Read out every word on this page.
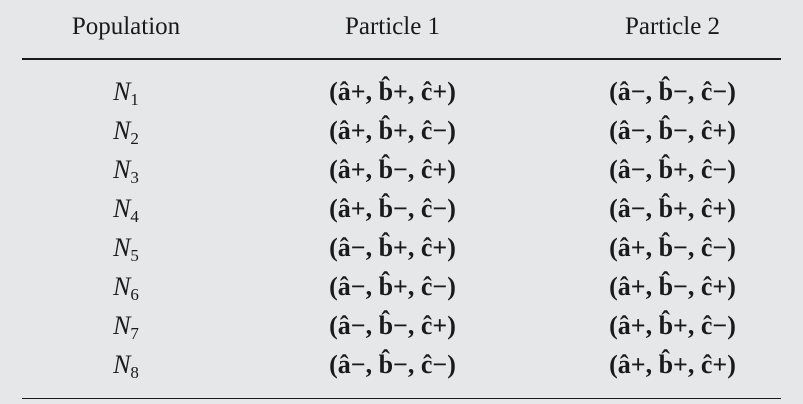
Population	Particle 1	Particle 2
$N_1$	(â+, b̂+, ĉ+)	(â−, b̂−, ĉ−)
$N_2$	(â+, b̂+, ĉ−)	(â−, b̂−, ĉ+)
$N_3$	(â+, b̂−, ĉ+)	(â−, b̂+, ĉ−)
$N_4$	(â+, b̂−, ĉ−)	(â−, b̂+, ĉ+)
$N_5$	(â−, b̂+, ĉ+)	(â+, b̂−, ĉ−)
$N_6$	(â−, b̂+, ĉ−)	(â+, b̂−, ĉ+)
$N_7$	(â−, b̂−, ĉ+)	(â+, b̂+, ĉ−)
$N_8$	(â−, b̂−, ĉ−)	(â+, b̂+, ĉ+)
